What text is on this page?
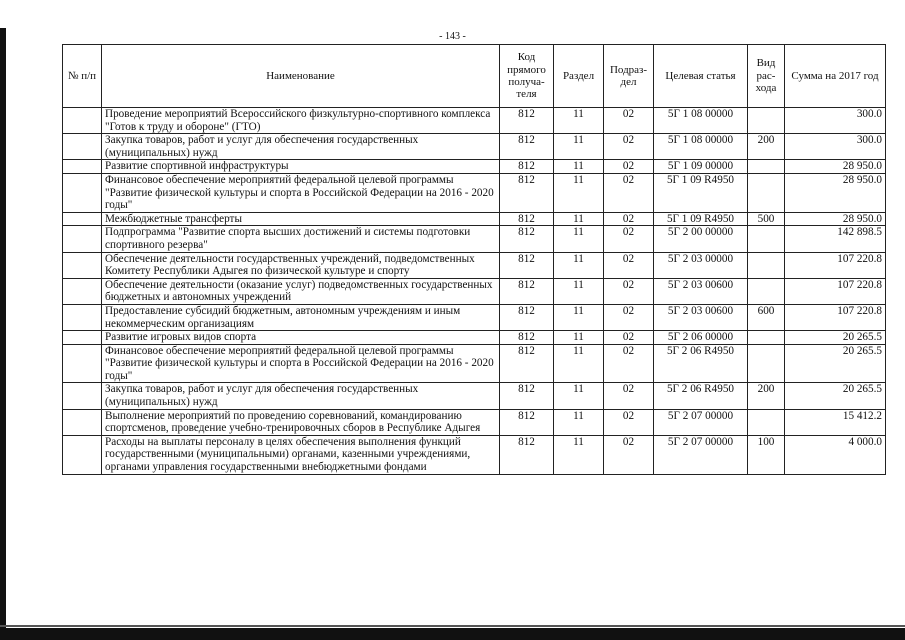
- 143 -
№ п/п	Наименование	Код прямого получа-теля	Раздел	Подраз-дел	Целевая статья	Вид рас-хода	Сумма на 2017 год
	Проведение мероприятий Всероссийского физкультурно-спортивного комплекса "Готов к труду и обороне" (ГТО)	812	11	02	5Г 1 08 00000		300.0
	Закупка товаров, работ и услуг для обеспечения государственных (муниципальных) нужд	812	11	02	5Г 1 08 00000	200	300.0
	Развитие спортивной инфраструктуры	812	11	02	5Г 1 09 00000		28 950.0
	Финансовое обеспечение мероприятий федеральной целевой программы "Развитие физической культуры и спорта в Российской Федерации на 2016 - 2020 годы"	812	11	02	5Г 1 09 R4950		28 950.0
	Межбюджетные трансферты	812	11	02	5Г 1 09 R4950	500	28 950.0
	Подпрограмма "Развитие спорта высших достижений и системы подготовки спортивного резерва"	812	11	02	5Г 2 00 00000		142 898.5
	Обеспечение деятельности государственных учреждений, подведомственных Комитету Республики Адыгея по физической культуре и спорту	812	11	02	5Г 2 03 00000		107 220.8
	Обеспечение деятельности (оказание услуг) подведомственных государственных бюджетных и автономных учреждений	812	11	02	5Г 2 03 00600		107 220.8
	Предоставление субсидий бюджетным, автономным учреждениям и иным некоммерческим организациям	812	11	02	5Г 2 03 00600	600	107 220.8
	Развитие игровых видов спорта	812	11	02	5Г 2 06 00000		20 265.5
	Финансовое обеспечение мероприятий федеральной целевой программы "Развитие физической культуры и спорта в Российской Федерации на 2016 - 2020 годы"	812	11	02	5Г 2 06 R4950		20 265.5
	Закупка товаров, работ и услуг для обеспечения государственных (муниципальных) нужд	812	11	02	5Г 2 06 R4950	200	20 265.5
	Выполнение мероприятий по проведению соревнований, командированию спортсменов, проведение учебно-тренировочных сборов в Республике Адыгея	812	11	02	5Г 2 07 00000		15 412.2
	Расходы на выплаты персоналу в целях обеспечения выполнения функций государственными (муниципальными) органами, казенными учреждениями, органами управления государственными внебюджетными фондами	812	11	02	5Г 2 07 00000	100	4 000.0
